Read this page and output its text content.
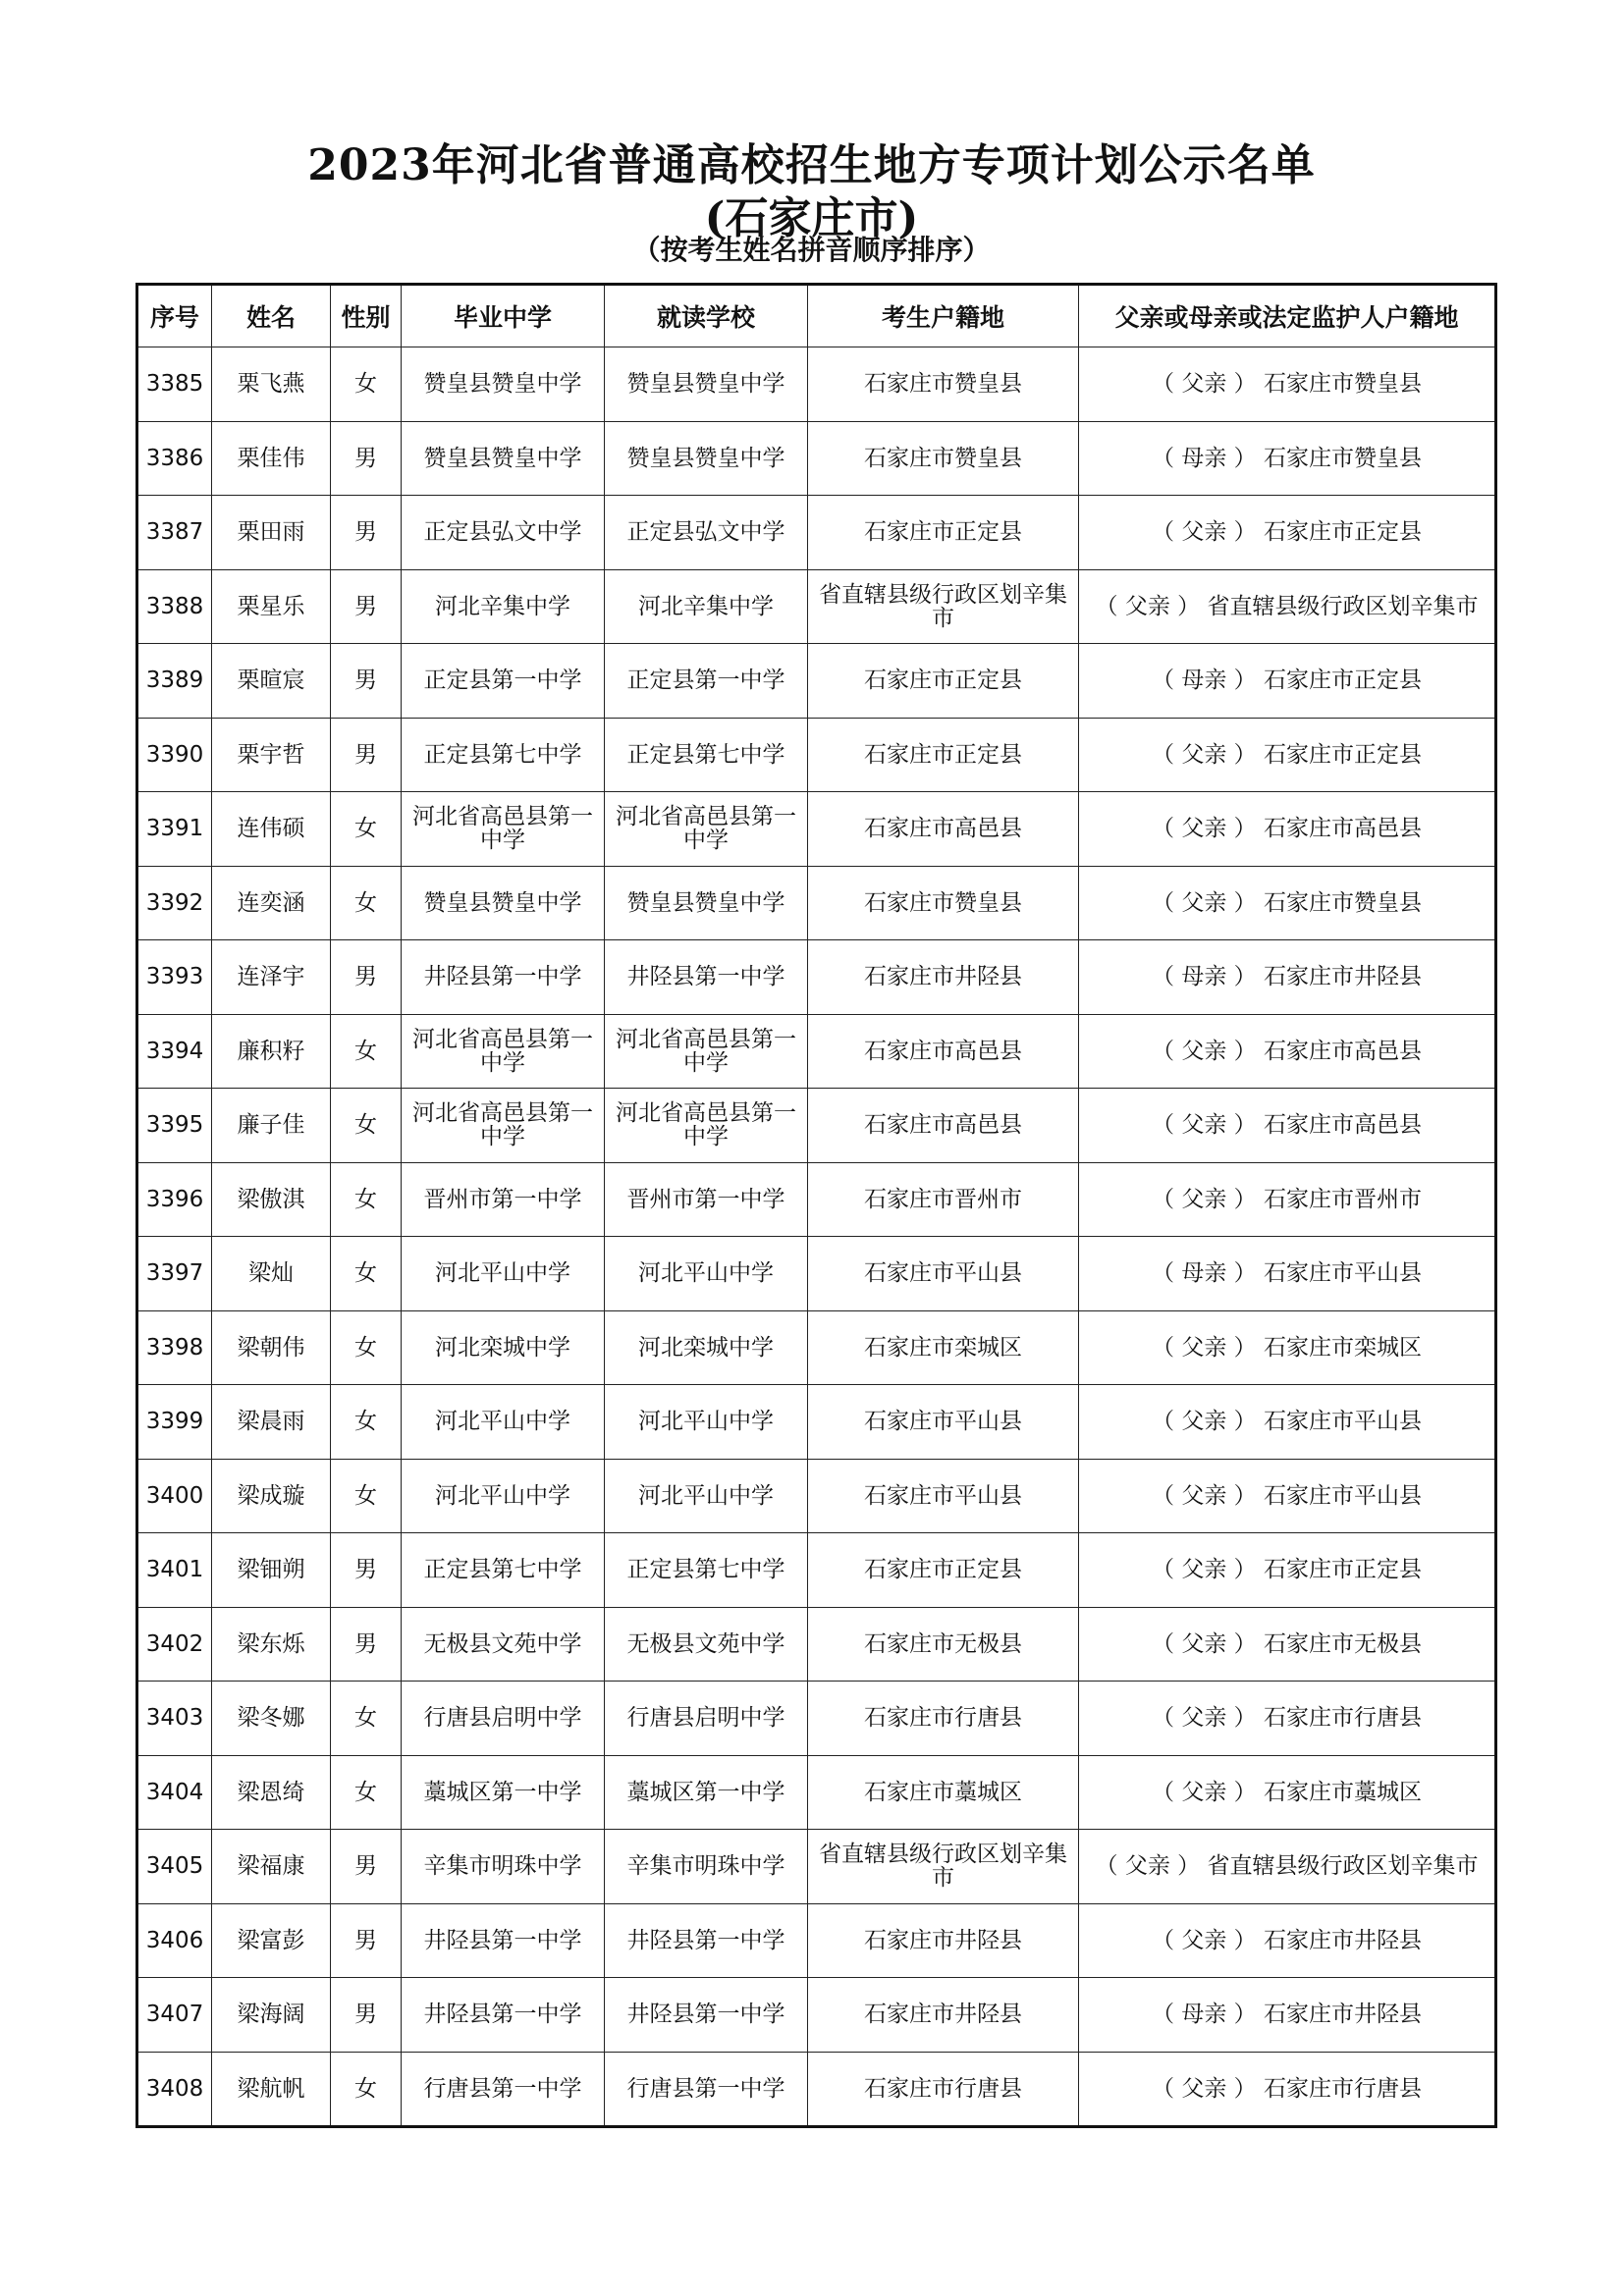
2023年河北省普通高校招生地方专项计划公示名单
(石家庄市)
（按考生姓名拼音顺序排序）
序号	姓名	性别	毕业中学	就读学校	考生户籍地	父亲或母亲或法定监护人户籍地
3385	栗飞燕	女	赞皇县赞皇中学	赞皇县赞皇中学	石家庄市赞皇县	（ 父亲 ） 石家庄市赞皇县
3386	栗佳伟	男	赞皇县赞皇中学	赞皇县赞皇中学	石家庄市赞皇县	（ 母亲 ） 石家庄市赞皇县
3387	栗田雨	男	正定县弘文中学	正定县弘文中学	石家庄市正定县	（ 父亲 ） 石家庄市正定县
3388	栗星乐	男	河北辛集中学	河北辛集中学	省直辖县级行政区划辛集市	（ 父亲 ） 省直辖县级行政区划辛集市
3389	栗暄宸	男	正定县第一中学	正定县第一中学	石家庄市正定县	（ 母亲 ） 石家庄市正定县
3390	栗宇哲	男	正定县第七中学	正定县第七中学	石家庄市正定县	（ 父亲 ） 石家庄市正定县
3391	连伟硕	女	河北省高邑县第一中学	河北省高邑县第一中学	石家庄市高邑县	（ 父亲 ） 石家庄市高邑县
3392	连奕涵	女	赞皇县赞皇中学	赞皇县赞皇中学	石家庄市赞皇县	（ 父亲 ） 石家庄市赞皇县
3393	连泽宇	男	井陉县第一中学	井陉县第一中学	石家庄市井陉县	（ 母亲 ） 石家庄市井陉县
3394	廉积籽	女	河北省高邑县第一中学	河北省高邑县第一中学	石家庄市高邑县	（ 父亲 ） 石家庄市高邑县
3395	廉子佳	女	河北省高邑县第一中学	河北省高邑县第一中学	石家庄市高邑县	（ 父亲 ） 石家庄市高邑县
3396	梁傲淇	女	晋州市第一中学	晋州市第一中学	石家庄市晋州市	（ 父亲 ） 石家庄市晋州市
3397	梁灿	女	河北平山中学	河北平山中学	石家庄市平山县	（ 母亲 ） 石家庄市平山县
3398	梁朝伟	女	河北栾城中学	河北栾城中学	石家庄市栾城区	（ 父亲 ） 石家庄市栾城区
3399	梁晨雨	女	河北平山中学	河北平山中学	石家庄市平山县	（ 父亲 ） 石家庄市平山县
3400	梁成璇	女	河北平山中学	河北平山中学	石家庄市平山县	（ 父亲 ） 石家庄市平山县
3401	梁钿朔	男	正定县第七中学	正定县第七中学	石家庄市正定县	（ 父亲 ） 石家庄市正定县
3402	梁东烁	男	无极县文苑中学	无极县文苑中学	石家庄市无极县	（ 父亲 ） 石家庄市无极县
3403	梁冬娜	女	行唐县启明中学	行唐县启明中学	石家庄市行唐县	（ 父亲 ） 石家庄市行唐县
3404	梁恩绮	女	藁城区第一中学	藁城区第一中学	石家庄市藁城区	（ 父亲 ） 石家庄市藁城区
3405	梁福康	男	辛集市明珠中学	辛集市明珠中学	省直辖县级行政区划辛集市	（ 父亲 ） 省直辖县级行政区划辛集市
3406	梁富彭	男	井陉县第一中学	井陉县第一中学	石家庄市井陉县	（ 父亲 ） 石家庄市井陉县
3407	梁海阔	男	井陉县第一中学	井陉县第一中学	石家庄市井陉县	（ 母亲 ） 石家庄市井陉县
3408	梁航帆	女	行唐县第一中学	行唐县第一中学	石家庄市行唐县	（ 父亲 ） 石家庄市行唐县
